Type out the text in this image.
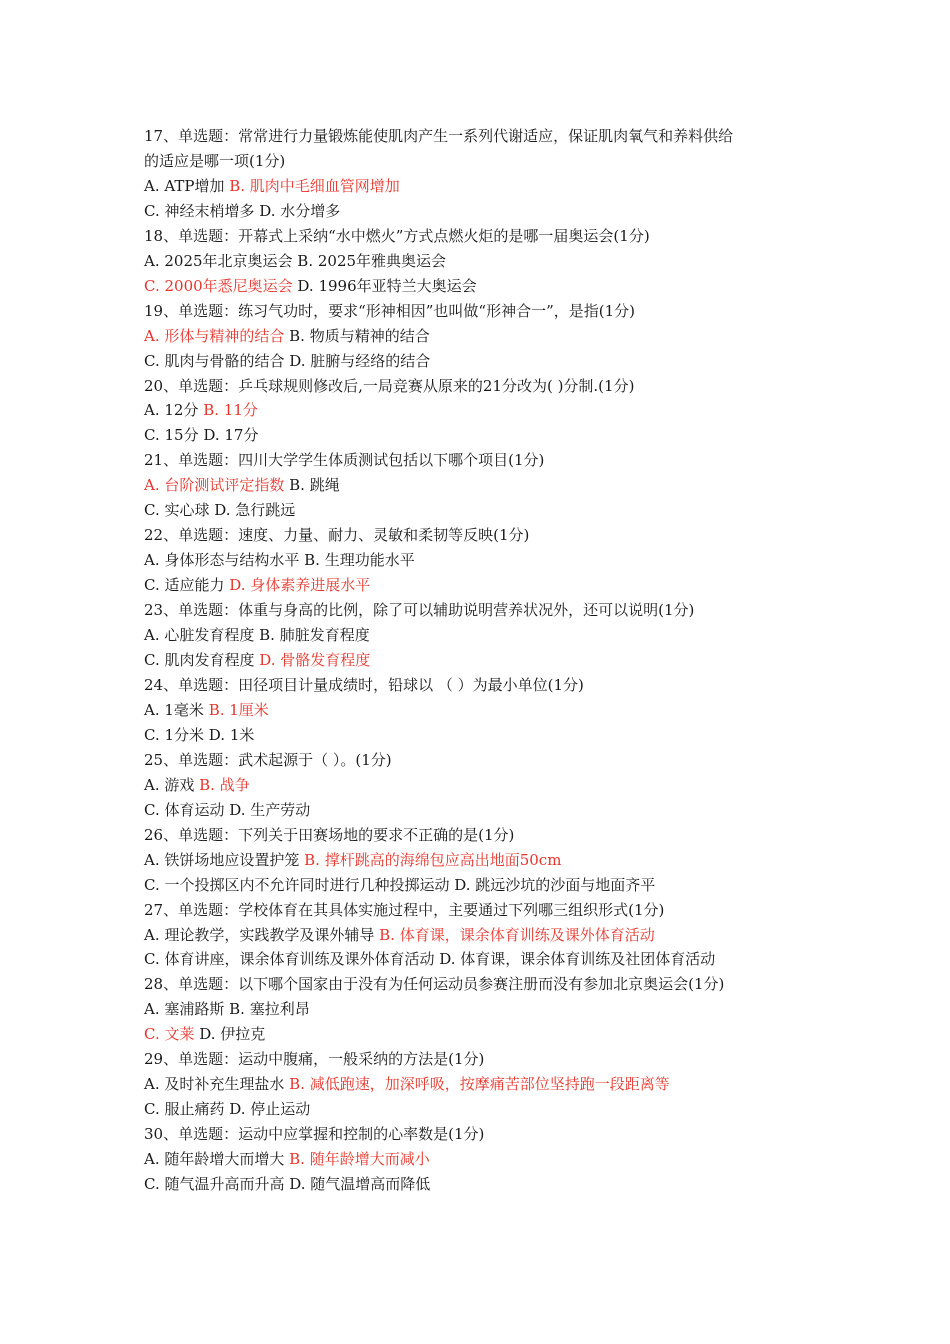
17、单选题：常常进行力量锻炼能使肌肉产生一系列代谢适应，保证肌肉氧气和养料供给
的适应是哪一项(1分)
A. ATP增加 B. 肌肉中毛细血管网增加
C. 神经末梢增多 D. 水分增多
18、单选题：开幕式上采纳“水中燃火”方式点燃火炬的是哪一届奥运会(1分)
A. 2025年北京奥运会 B. 2025年雅典奥运会
C. 2000年悉尼奥运会 D. 1996年亚特兰大奥运会
19、单选题：练习气功时，要求“形神相因”也叫做“形神合一”，是指(1分)
A. 形体与精神的结合 B. 物质与精神的结合
C. 肌肉与骨骼的结合 D. 脏腑与经络的结合
20、单选题：乒乓球规则修改后,一局竞赛从原来的21分改为( )分制.(1分)
A. 12分 B. 11分
C. 15分 D. 17分
21、单选题：四川大学学生体质测试包括以下哪个项目(1分)
A. 台阶测试评定指数 B. 跳绳
C. 实心球 D. 急行跳远
22、单选题：速度、力量、耐力、灵敏和柔韧等反映(1分)
A. 身体形态与结构水平 B. 生理功能水平
C. 适应能力 D. 身体素养进展水平
23、单选题：体重与身高的比例，除了可以辅助说明营养状况外，还可以说明(1分)
A. 心脏发育程度 B. 肺脏发育程度
C. 肌肉发育程度 D. 骨骼发育程度
24、单选题：田径项目计量成绩时，铅球以 （ ）为最小单位(1分)
A. 1毫米 B. 1厘米
C. 1分米 D. 1米
25、单选题：武术起源于（ ）。(1分)
A. 游戏 B. 战争
C. 体育运动 D. 生产劳动
26、单选题：下列关于田赛场地的要求不正确的是(1分)
A. 铁饼场地应设置护笼 B. 撑杆跳高的海绵包应高出地面50cm
C. 一个投掷区内不允许同时进行几种投掷运动 D. 跳远沙坑的沙面与地面齐平
27、单选题：学校体育在其具体实施过程中，主要通过下列哪三组织形式(1分)
A. 理论教学，实践教学及课外辅导 B. 体育课，课余体育训练及课外体育活动
C. 体育讲座，课余体育训练及课外体育活动 D. 体育课，课余体育训练及社团体育活动
28、单选题：以下哪个国家由于没有为任何运动员参赛注册而没有参加北京奥运会(1分)
A. 塞浦路斯 B. 塞拉利昂
C. 文莱 D. 伊拉克
29、单选题：运动中腹痛，一般采纳的方法是(1分)
A. 及时补充生理盐水 B. 减低跑速，加深呼吸，按摩痛苦部位坚持跑一段距离等
C. 服止痛药 D. 停止运动
30、单选题：运动中应掌握和控制的心率数是(1分)
A. 随年龄增大而增大 B. 随年龄增大而减小
C. 随气温升高而升高 D. 随气温增高而降低
